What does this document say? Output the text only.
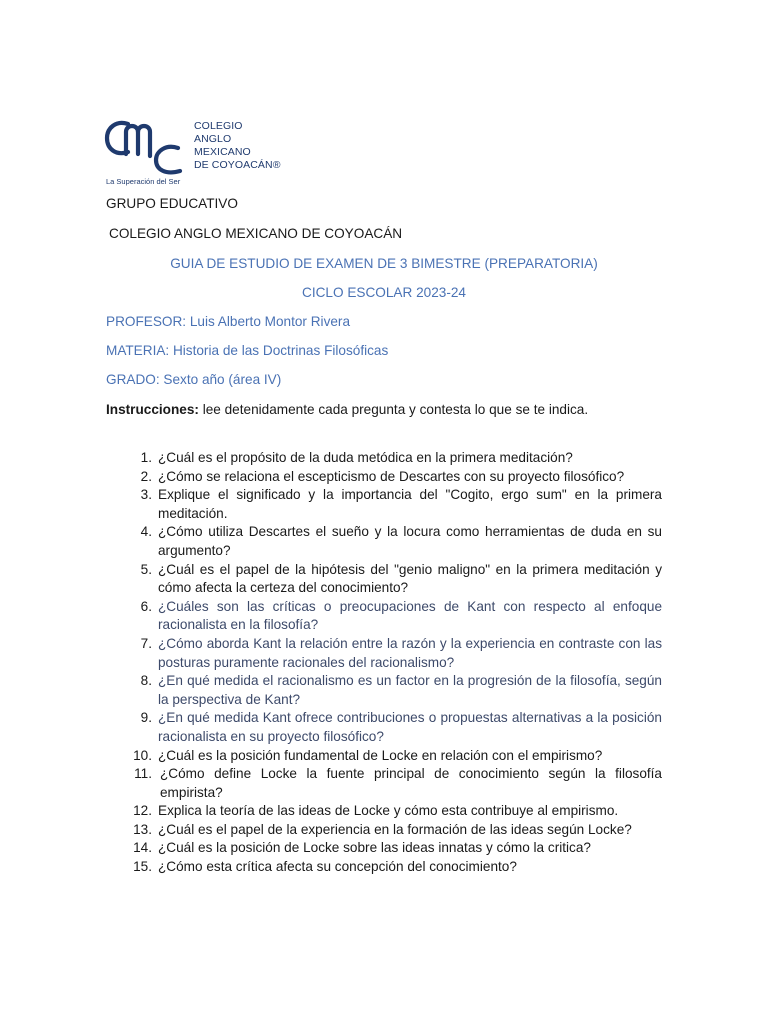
COLEGIO
ANGLO
MEXICANO
DE COYOACÁN®
La Superación del Ser
GRUPO EDUCATIVO
COLEGIO ANGLO MEXICANO DE COYOACÁN
GUIA DE ESTUDIO DE EXAMEN DE 3 BIMESTRE (PREPARATORIA)
CICLO ESCOLAR 2023-24
PROFESOR: Luis Alberto Montor Rivera
MATERIA: Historia de las Doctrinas Filosóficas
GRADO: Sexto año (área IV)
Instrucciones: lee detenidamente cada pregunta y contesta lo que se te indica.
1. ¿Cuál es el propósito de la duda metódica en la primera meditación?
2. ¿Cómo se relaciona el escepticismo de Descartes con su proyecto filosófico?
3. Explique el significado y la importancia del "Cogito, ergo sum" en la primera meditación.
4. ¿Cómo utiliza Descartes el sueño y la locura como herramientas de duda en su argumento?
5. ¿Cuál es el papel de la hipótesis del "genio maligno" en la primera meditación y cómo afecta la certeza del conocimiento?
6. ¿Cuáles son las críticas o preocupaciones de Kant con respecto al enfoque racionalista en la filosofía?
7. ¿Cómo aborda Kant la relación entre la razón y la experiencia en contraste con las posturas puramente racionales del racionalismo?
8. ¿En qué medida el racionalismo es un factor en la progresión de la filosofía, según la perspectiva de Kant?
9. ¿En qué medida Kant ofrece contribuciones o propuestas alternativas a la posición racionalista en su proyecto filosófico?
10. ¿Cuál es la posición fundamental de Locke en relación con el empirismo?
11. ¿Cómo define Locke la fuente principal de conocimiento según la filosofía empirista?
12. Explica la teoría de las ideas de Locke y cómo esta contribuye al empirismo.
13. ¿Cuál es el papel de la experiencia en la formación de las ideas según Locke?
14. ¿Cuál es la posición de Locke sobre las ideas innatas y cómo la critica?
15. ¿Cómo esta crítica afecta su concepción del conocimiento?
